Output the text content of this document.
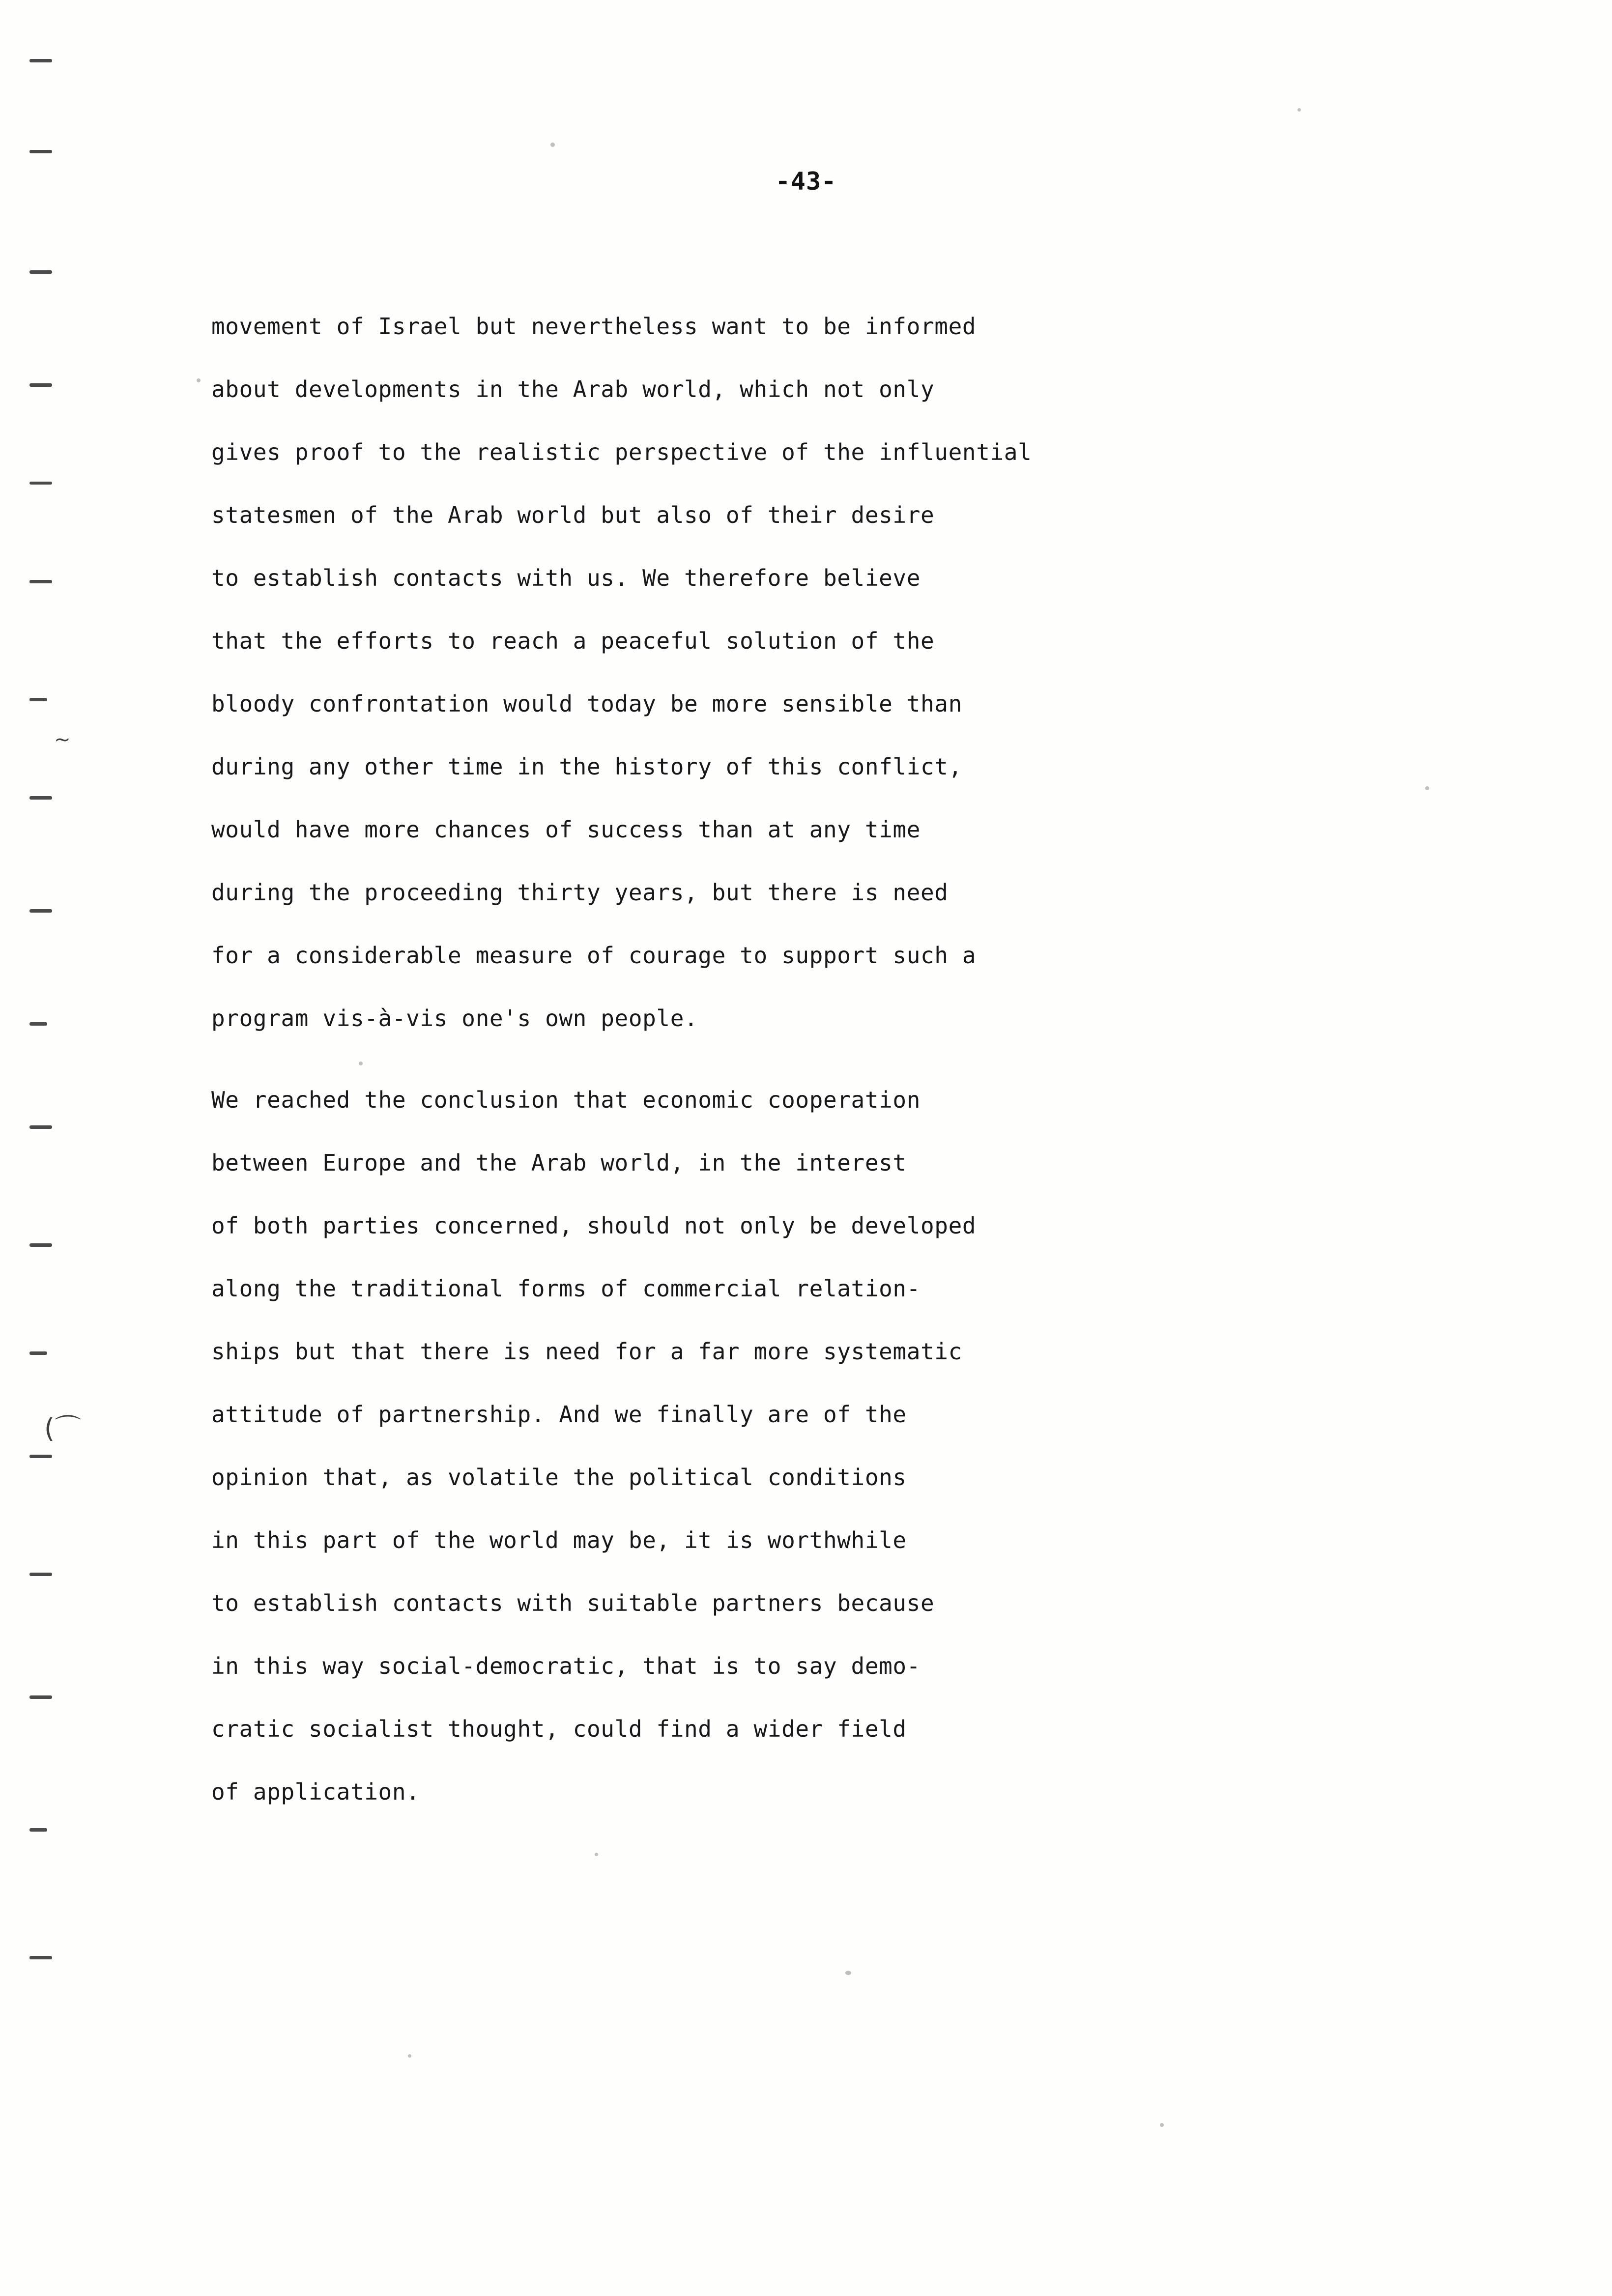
~
(⌒
-43-
movement of Israel but nevertheless want to be informed
about developments in the Arab world, which not only
gives proof to the realistic perspective of the influential
statesmen of the Arab world but also of their desire
to establish contacts with us. We therefore believe
that the efforts to reach a peaceful solution of the
bloody confrontation would today be more sensible than
during any other time in the history of this conflict,
would have more chances of success than at any time
during the proceeding thirty years, but there is need
for a considerable measure of courage to support such a
program vis-à-vis one's own people.
We reached the conclusion that economic cooperation
between Europe and the Arab world, in the interest
of both parties concerned, should not only be developed
along the traditional forms of commercial relation-
ships but that there is need for a far more systematic
attitude of partnership. And we finally are of the
opinion that, as volatile the political conditions
in this part of the world may be, it is worthwhile
to establish contacts with suitable partners because
in this way social-democratic, that is to say demo-
cratic socialist thought, could find a wider field
of application.
